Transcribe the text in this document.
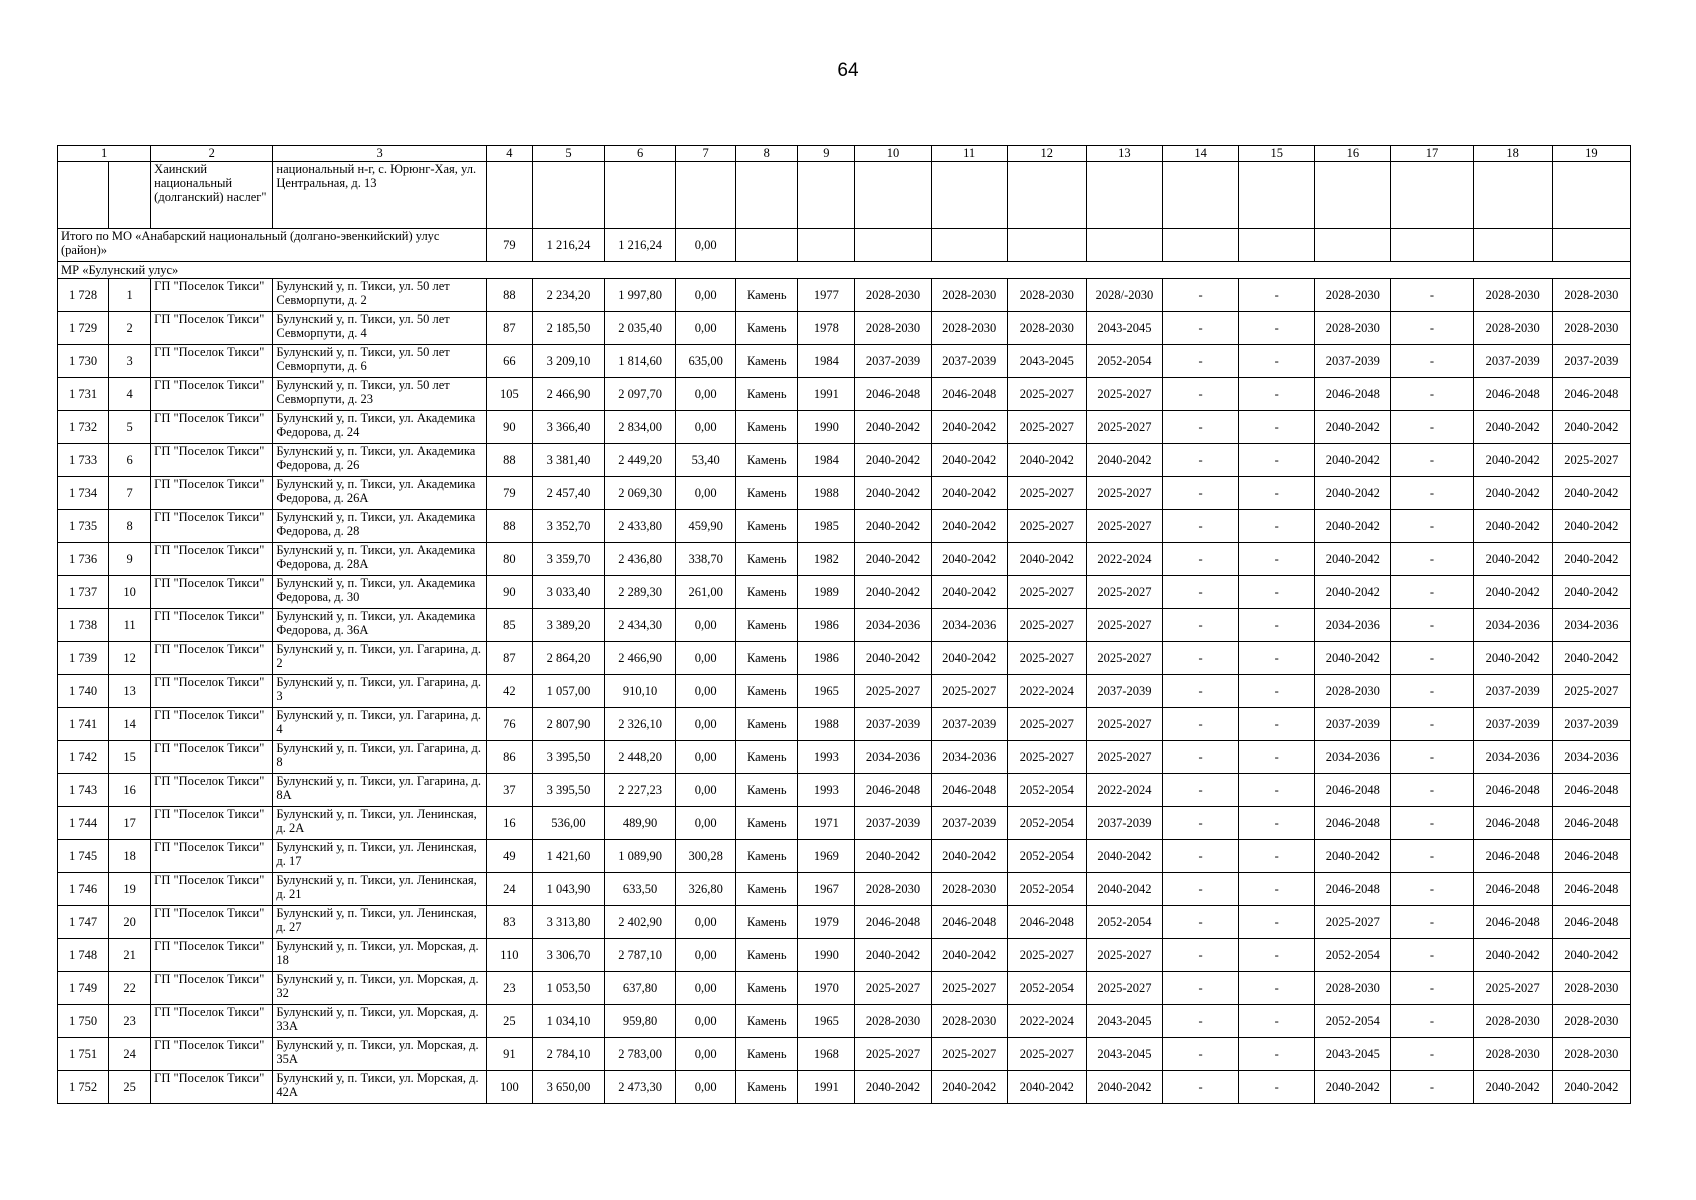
64
1		2	3	4	5	6	7	8	9	10	11	12	13	14	15	16	17	18	19
		Хаинский национальный (долганский) наслег"	национальный н-г, с. Юрюнг-Хая, ул. Центральная, д. 13																
Итого по МО «Анабарский национальный (долгано-эвенкийский) улус (район)»				79	1 216,24	1 216,24	0,00												
МР «Булунский улус»																			
1 728	1	ГП "Поселок Тикси"	Булунский у, п. Тикси, ул. 50 лет Севморпути, д. 2	88	2 234,20	1 997,80	0,00	Камень	1977	2028-2030	2028-2030	2028-2030	2028/-2030	-	-	2028-2030	-	2028-2030	2028-2030
1 729	2	ГП "Поселок Тикси"	Булунский у, п. Тикси, ул. 50 лет Севморпути, д. 4	87	2 185,50	2 035,40	0,00	Камень	1978	2028-2030	2028-2030	2028-2030	2043-2045	-	-	2028-2030	-	2028-2030	2028-2030
1 730	3	ГП "Поселок Тикси"	Булунский у, п. Тикси, ул. 50 лет Севморпути, д. 6	66	3 209,10	1 814,60	635,00	Камень	1984	2037-2039	2037-2039	2043-2045	2052-2054	-	-	2037-2039	-	2037-2039	2037-2039
1 731	4	ГП "Поселок Тикси"	Булунский у, п. Тикси, ул. 50 лет Севморпути, д. 23	105	2 466,90	2 097,70	0,00	Камень	1991	2046-2048	2046-2048	2025-2027	2025-2027	-	-	2046-2048	-	2046-2048	2046-2048
1 732	5	ГП "Поселок Тикси"	Булунский у, п. Тикси, ул. Академика Федорова, д. 24	90	3 366,40	2 834,00	0,00	Камень	1990	2040-2042	2040-2042	2025-2027	2025-2027	-	-	2040-2042	-	2040-2042	2040-2042
1 733	6	ГП "Поселок Тикси"	Булунский у, п. Тикси, ул. Академика Федорова, д. 26	88	3 381,40	2 449,20	53,40	Камень	1984	2040-2042	2040-2042	2040-2042	2040-2042	-	-	2040-2042	-	2040-2042	2025-2027
1 734	7	ГП "Поселок Тикси"	Булунский у, п. Тикси, ул. Академика Федорова, д. 26А	79	2 457,40	2 069,30	0,00	Камень	1988	2040-2042	2040-2042	2025-2027	2025-2027	-	-	2040-2042	-	2040-2042	2040-2042
1 735	8	ГП "Поселок Тикси"	Булунский у, п. Тикси, ул. Академика Федорова, д. 28	88	3 352,70	2 433,80	459,90	Камень	1985	2040-2042	2040-2042	2025-2027	2025-2027	-	-	2040-2042	-	2040-2042	2040-2042
1 736	9	ГП "Поселок Тикси"	Булунский у, п. Тикси, ул. Академика Федорова, д. 28А	80	3 359,70	2 436,80	338,70	Камень	1982	2040-2042	2040-2042	2040-2042	2022-2024	-	-	2040-2042	-	2040-2042	2040-2042
1 737	10	ГП "Поселок Тикси"	Булунский у, п. Тикси, ул. Академика Федорова, д. 30	90	3 033,40	2 289,30	261,00	Камень	1989	2040-2042	2040-2042	2025-2027	2025-2027	-	-	2040-2042	-	2040-2042	2040-2042
1 738	11	ГП "Поселок Тикси"	Булунский у, п. Тикси, ул. Академика Федорова, д. 36А	85	3 389,20	2 434,30	0,00	Камень	1986	2034-2036	2034-2036	2025-2027	2025-2027	-	-	2034-2036	-	2034-2036	2034-2036
1 739	12	ГП "Поселок Тикси"	Булунский у, п. Тикси, ул. Гагарина, д. 2	87	2 864,20	2 466,90	0,00	Камень	1986	2040-2042	2040-2042	2025-2027	2025-2027	-	-	2040-2042	-	2040-2042	2040-2042
1 740	13	ГП "Поселок Тикси"	Булунский у, п. Тикси, ул. Гагарина, д. 3	42	1 057,00	910,10	0,00	Камень	1965	2025-2027	2025-2027	2022-2024	2037-2039	-	-	2028-2030	-	2037-2039	2025-2027
1 741	14	ГП "Поселок Тикси"	Булунский у, п. Тикси, ул. Гагарина, д. 4	76	2 807,90	2 326,10	0,00	Камень	1988	2037-2039	2037-2039	2025-2027	2025-2027	-	-	2037-2039	-	2037-2039	2037-2039
1 742	15	ГП "Поселок Тикси"	Булунский у, п. Тикси, ул. Гагарина, д. 8	86	3 395,50	2 448,20	0,00	Камень	1993	2034-2036	2034-2036	2025-2027	2025-2027	-	-	2034-2036	-	2034-2036	2034-2036
1 743	16	ГП "Поселок Тикси"	Булунский у, п. Тикси, ул. Гагарина, д. 8А	37	3 395,50	2 227,23	0,00	Камень	1993	2046-2048	2046-2048	2052-2054	2022-2024	-	-	2046-2048	-	2046-2048	2046-2048
1 744	17	ГП "Поселок Тикси"	Булунский у, п. Тикси, ул. Ленинская, д. 2А	16	536,00	489,90	0,00	Камень	1971	2037-2039	2037-2039	2052-2054	2037-2039	-	-	2046-2048	-	2046-2048	2046-2048
1 745	18	ГП "Поселок Тикси"	Булунский у, п. Тикси, ул. Ленинская, д. 17	49	1 421,60	1 089,90	300,28	Камень	1969	2040-2042	2040-2042	2052-2054	2040-2042	-	-	2040-2042	-	2046-2048	2046-2048
1 746	19	ГП "Поселок Тикси"	Булунский у, п. Тикси, ул. Ленинская, д. 21	24	1 043,90	633,50	326,80	Камень	1967	2028-2030	2028-2030	2052-2054	2040-2042	-	-	2046-2048	-	2046-2048	2046-2048
1 747	20	ГП "Поселок Тикси"	Булунский у, п. Тикси, ул. Ленинская, д. 27	83	3 313,80	2 402,90	0,00	Камень	1979	2046-2048	2046-2048	2046-2048	2052-2054	-	-	2025-2027	-	2046-2048	2046-2048
1 748	21	ГП "Поселок Тикси"	Булунский у, п. Тикси, ул. Морская, д. 18	110	3 306,70	2 787,10	0,00	Камень	1990	2040-2042	2040-2042	2025-2027	2025-2027	-	-	2052-2054	-	2040-2042	2040-2042
1 749	22	ГП "Поселок Тикси"	Булунский у, п. Тикси, ул. Морская, д. 32	23	1 053,50	637,80	0,00	Камень	1970	2025-2027	2025-2027	2052-2054	2025-2027	-	-	2028-2030	-	2025-2027	2028-2030
1 750	23	ГП "Поселок Тикси"	Булунский у, п. Тикси, ул. Морская, д. 33А	25	1 034,10	959,80	0,00	Камень	1965	2028-2030	2028-2030	2022-2024	2043-2045	-	-	2052-2054	-	2028-2030	2028-2030
1 751	24	ГП "Поселок Тикси"	Булунский у, п. Тикси, ул. Морская, д. 35А	91	2 784,10	2 783,00	0,00	Камень	1968	2025-2027	2025-2027	2025-2027	2043-2045	-	-	2043-2045	-	2028-2030	2028-2030
1 752	25	ГП "Поселок Тикси"	Булунский у, п. Тикси, ул. Морская, д. 42А	100	3 650,00	2 473,30	0,00	Камень	1991	2040-2042	2040-2042	2040-2042	2040-2042	-	-	2040-2042	-	2040-2042	2040-2042
